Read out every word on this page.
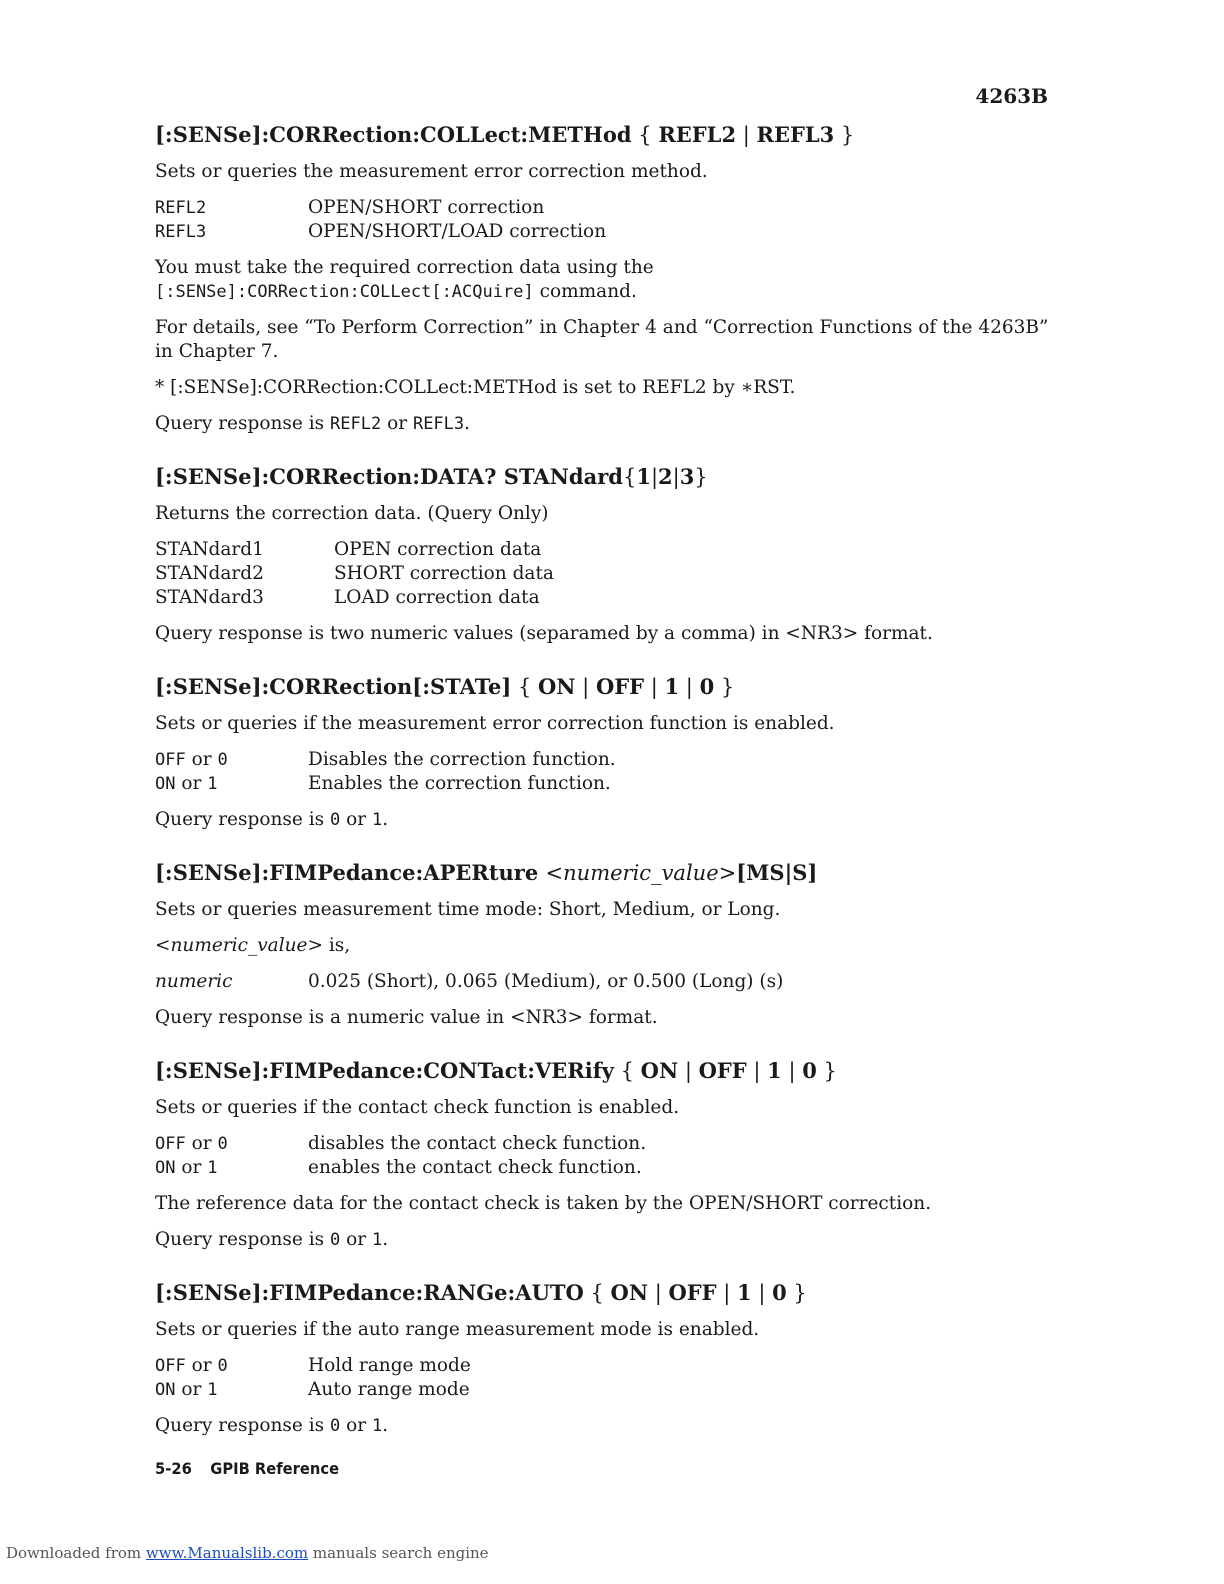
4263B
[:SENSe]:CORRection:COLLect:METHod { REFL2 | REFL3 }
Sets or queries the measurement error correction method.
REFL2	OPEN/SHORT correction
REFL3	OPEN/SHORT/LOAD correction
You must take the required correction data using the
[:SENSe]:CORRection:COLLect[:ACQuire] command.
For details, see “To Perform Correction” in Chapter 4 and “Correction Functions of the 4263B” in Chapter 7.
* [:SENSe]:CORRection:COLLect:METHod is set to REFL2 by ∗RST.
Query response is REFL2 or REFL3.
[:SENSe]:CORRection:DATA? STANdard{1|2|3}
Returns the correction data. (Query Only)
STANdard1	OPEN correction data
STANdard2	SHORT correction data
STANdard3	LOAD correction data
Query response is two numeric values (separamed by a comma) in <NR3> format.
[:SENSe]:CORRection[:STATe] { ON | OFF | 1 | 0 }
Sets or queries if the measurement error correction function is enabled.
OFF or 0	Disables the correction function.
ON or 1	Enables the correction function.
Query response is 0 or 1.
[:SENSe]:FIMPedance:APERture <numeric_value>[MS|S]
Sets or queries measurement time mode: Short, Medium, or Long.
<numeric_value> is,
numeric	0.025 (Short), 0.065 (Medium), or 0.500 (Long) (s)
Query response is a numeric value in <NR3> format.
[:SENSe]:FIMPedance:CONTact:VERify { ON | OFF | 1 | 0 }
Sets or queries if the contact check function is enabled.
OFF or 0	disables the contact check function.
ON or 1	enables the contact check function.
The reference data for the contact check is taken by the OPEN/SHORT correction.
Query response is 0 or 1.
[:SENSe]:FIMPedance:RANGe:AUTO { ON | OFF | 1 | 0 }
Sets or queries if the auto range measurement mode is enabled.
OFF or 0	Hold range mode
ON or 1	Auto range mode
Query response is 0 or 1.
5-26 GPIB Reference
Downloaded from www.Manualslib.com manuals search engine
